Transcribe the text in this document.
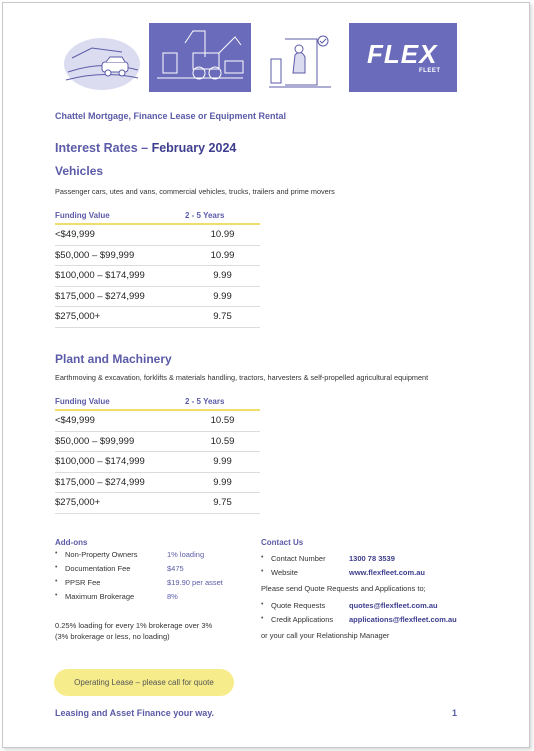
FLEX
FLEET
Chattel Mortgage, Finance Lease or Equipment Rental
Interest Rates – February 2024
Vehicles
Passenger cars, utes and vans, commercial vehicles, trucks, trailers and prime movers
Funding Value	2 - 5 Years
<$49,999	10.99
$50,000 – $99,999	10.99
$100,000 – $174,999	9.99
$175,000 – $274,999	9.99
$275,000+	9.75
Plant and Machinery
Earthmoving & excavation, forklifts & materials handling, tractors, harvesters & self-propelled agricultural equipment
Funding Value	2 - 5 Years
<$49,999	10.59
$50,000 – $99,999	10.59
$100,000 – $174,999	9.99
$175,000 – $274,999	9.99
$275,000+	9.75
Add-ons
• Non-Property Owners	1% loading
• Documentation Fee	$475
• PPSR Fee	$19.90 per asset
• Maximum Brokerage	8%
0.25% loading for every 1% brokerage over 3%
(3% brokerage or less, no loading)
Contact Us
• Contact Number	1300 78 3539
• Website	www.flexfleet.com.au
Please send Quote Requests and Applications to;
• Quote Requests	quotes@flexfleet.com.au
• Credit Applications applications@flexfleet.com.au
or your call your Relationship Manager
Operating Lease – please call for quote
Leasing and Asset Finance your way.	1
